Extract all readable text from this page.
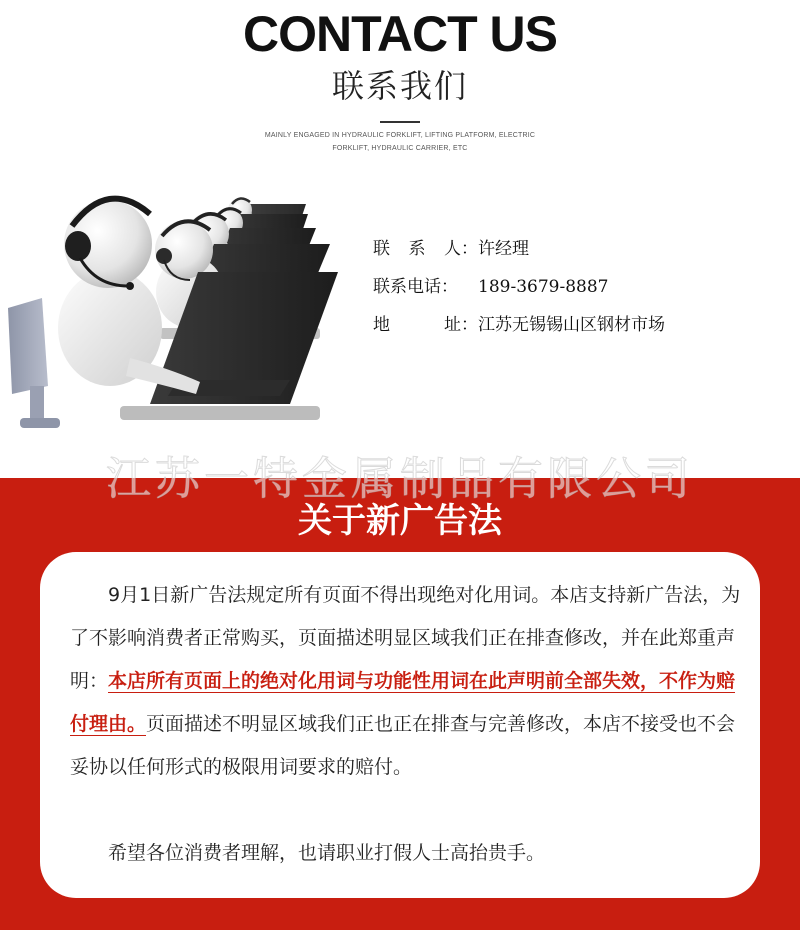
CONTACT US
联系我们
MAINLY ENGAGED IN HYDRAULIC FORKLIFT, LIFTING PLATFORM, ELECTRIC
FORKLIFT, HYDRAULIC CARRIER, ETC
联 系 人： 许经理
联系电话： 189-3679-8887
地	址： 江苏无锡锡山区钢材市场
江苏一特金属制品有限公司
关于新广告法
　　9月1日新广告法规定所有页面不得出现绝对化用词。本店支持新广告法，为了不影响消费者正常购买，页面描述明显区域我们正在排查修改，并在此郑重声明：本店所有页面上的绝对化用词与功能性用词在此声明前全部失效，不作为赔付理由。页面描述不明显区域我们正也正在排查与完善修改，本店不接受也不会妥协以任何形式的极限用词要求的赔付。
　　希望各位消费者理解，也请职业打假人士高抬贵手。
